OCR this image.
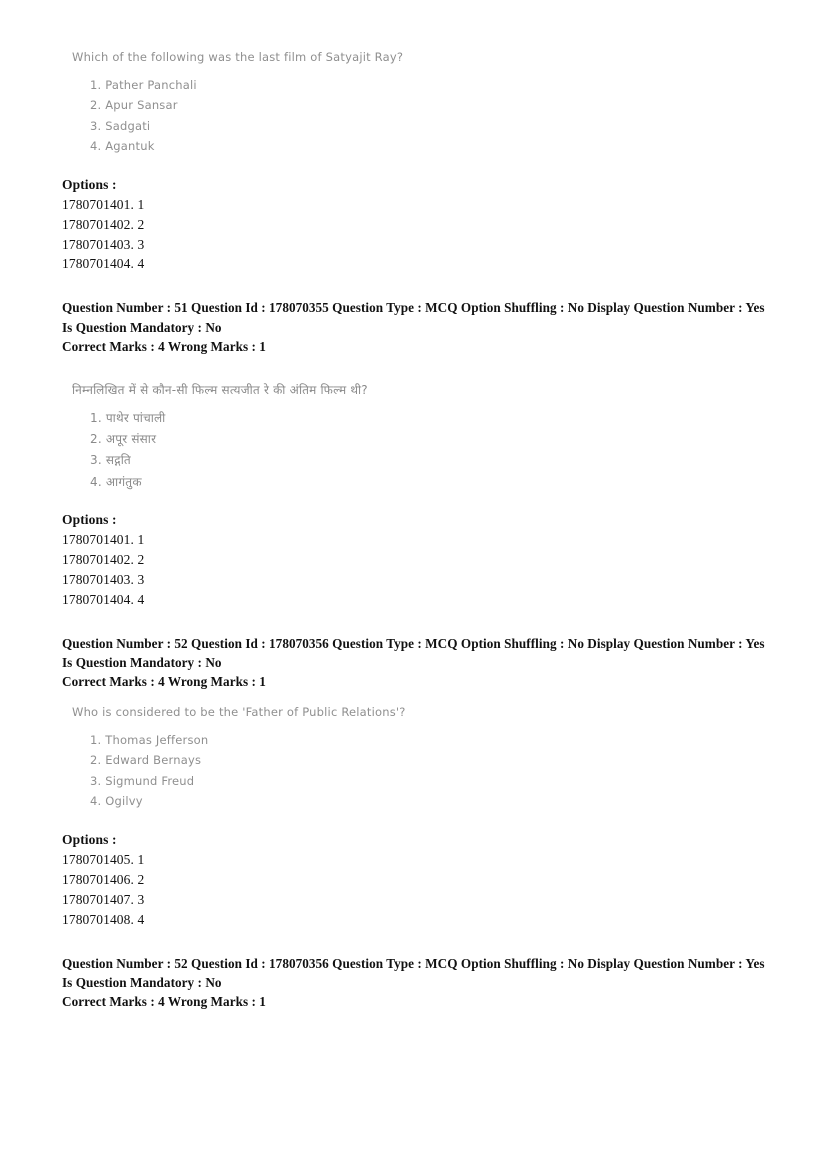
Which of the following was the last film of Satyajit Ray?
1. Pather Panchali
2. Apur Sansar
3. Sadgati
4. Agantuk
Options :
1780701401. 1
1780701402. 2
1780701403. 3
1780701404. 4
Question Number : 51 Question Id : 178070355 Question Type : MCQ Option Shuffling : No Display Question Number : Yes Is Question Mandatory : No
Correct Marks : 4 Wrong Marks : 1
निम्नलिखित में से कौन-सी फिल्म सत्यजीत रे की अंतिम फिल्म थी?
1. पाथेर पांचाली
2. अपूर संसार
3. सद्गति
4. आगंतुक
Options :
1780701401. 1
1780701402. 2
1780701403. 3
1780701404. 4
Question Number : 52 Question Id : 178070356 Question Type : MCQ Option Shuffling : No Display Question Number : Yes Is Question Mandatory : No
Correct Marks : 4 Wrong Marks : 1
Who is considered to be the 'Father of Public Relations'?
1. Thomas Jefferson
2. Edward Bernays
3. Sigmund Freud
4. Ogilvy
Options :
1780701405. 1
1780701406. 2
1780701407. 3
1780701408. 4
Question Number : 52 Question Id : 178070356 Question Type : MCQ Option Shuffling : No Display Question Number : Yes Is Question Mandatory : No
Correct Marks : 4 Wrong Marks : 1
